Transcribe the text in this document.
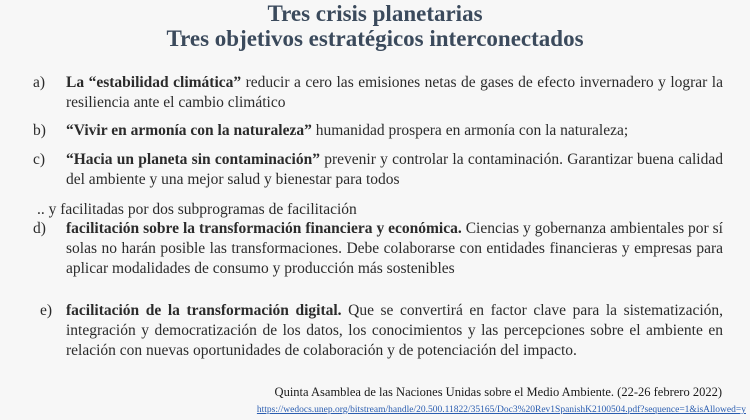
Tres crisis planetarias
Tres objetivos estratégicos interconectados
a)	La “estabilidad climática” reducir a cero las emisiones netas de gases de efecto invernadero y lograr la resiliencia ante el cambio climático
b)	“Vivir en armonía con la naturaleza” humanidad prospera en armonía con la naturaleza;
c)	“Hacia un planeta sin contaminación” prevenir y controlar la contaminación. Garantizar buena calidad del ambiente y una mejor salud y bienestar para todos
.. y facilitadas por dos subprogramas de facilitación
d)	facilitación sobre la transformación financiera y económica. Ciencias y gobernanza ambientales por sí solas no harán posible las transformaciones. Debe colaborarse con entidades financieras y empresas para aplicar modalidades de consumo y producción más sostenibles
e) facilitación de la transformación digital. Que se convertirá en factor clave para la sistematización, integración y democratización de los datos, los conocimientos y las percepciones sobre el ambiente en relación con nuevas oportunidades de colaboración y de potenciación del impacto.
Quinta Asamblea de las Naciones Unidas sobre el Medio Ambiente. (22-26 febrero 2022)
https://wedocs.unep.org/bitstream/handle/20.500.11822/35165/Doc3%20Rev1SpanishK2100504.pdf?sequence=1&isAllowed=y
